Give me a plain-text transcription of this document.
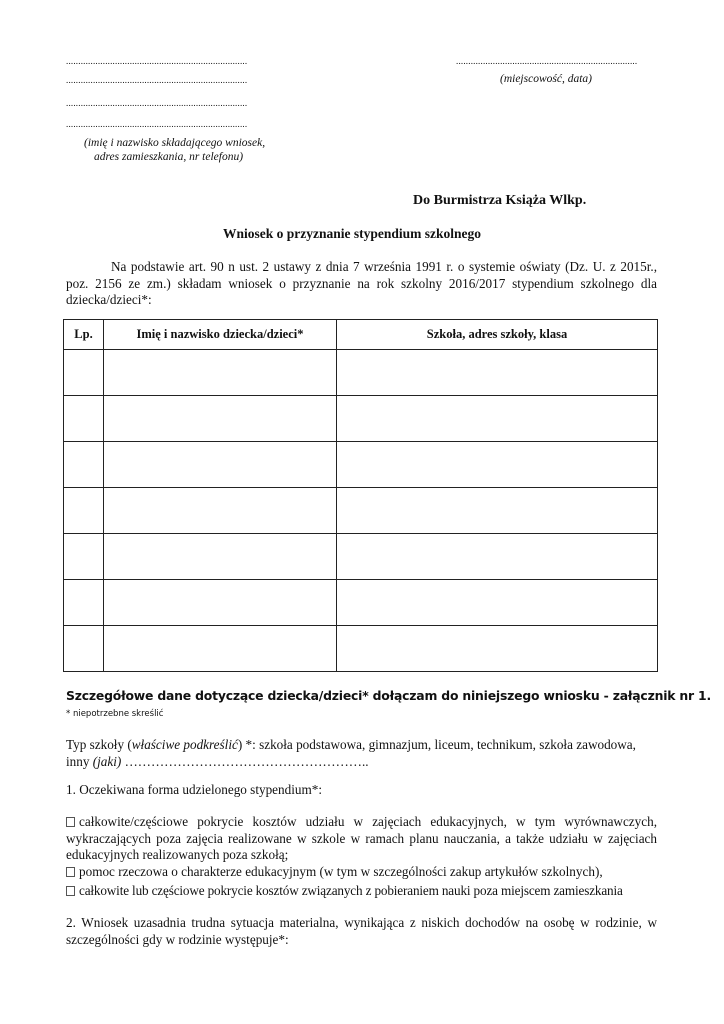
..........................................................................
..........................................................................
..........................................................................
..........................................................................
(imię i nazwisko składającego wniosek,
adres zamieszkania, nr telefonu)
..........................................................................
(miejscowość, data)
Do Burmistrza Książa Wlkp.
Wniosek o przyznanie stypendium szkolnego
Na podstawie art. 90 n ust. 2 ustawy z dnia 7 września 1991 r. o systemie oświaty (Dz. U. z 2015r., poz. 2156 ze zm.) składam wniosek o przyznanie na rok szkolny 2016/2017 stypendium szkolnego dla dziecka/dzieci*:
Lp.	Imię i nazwisko dziecka/dzieci*	Szkoła, adres szkoły, klasa

Szczegółowe dane dotyczące dziecka/dzieci* dołączam do niniejszego wniosku - załącznik nr 1.
* niepotrzebne skreślić
Typ szkoły (właściwe podkreślić) *: szkoła podstawowa, gimnazjum, liceum, technikum, szkoła zawodowa,
inny (jaki) ………………………………………………..
1. Oczekiwana forma udzielonego stypendium*:
całkowite/częściowe pokrycie kosztów udziału w zajęciach edukacyjnych, w tym wyrównawczych, wykraczających poza zajęcia realizowane w szkole w ramach planu nauczania, a także udziału w zajęciach edukacyjnych realizowanych poza szkołą;
pomoc rzeczowa o charakterze edukacyjnym (w tym w szczególności zakup artykułów szkolnych),
całkowite lub częściowe pokrycie kosztów związanych z pobieraniem nauki poza miejscem zamieszkania
2. Wniosek uzasadnia trudna sytuacja materialna, wynikająca z niskich dochodów na osobę w rodzinie, w szczególności gdy w rodzinie występuje*:
